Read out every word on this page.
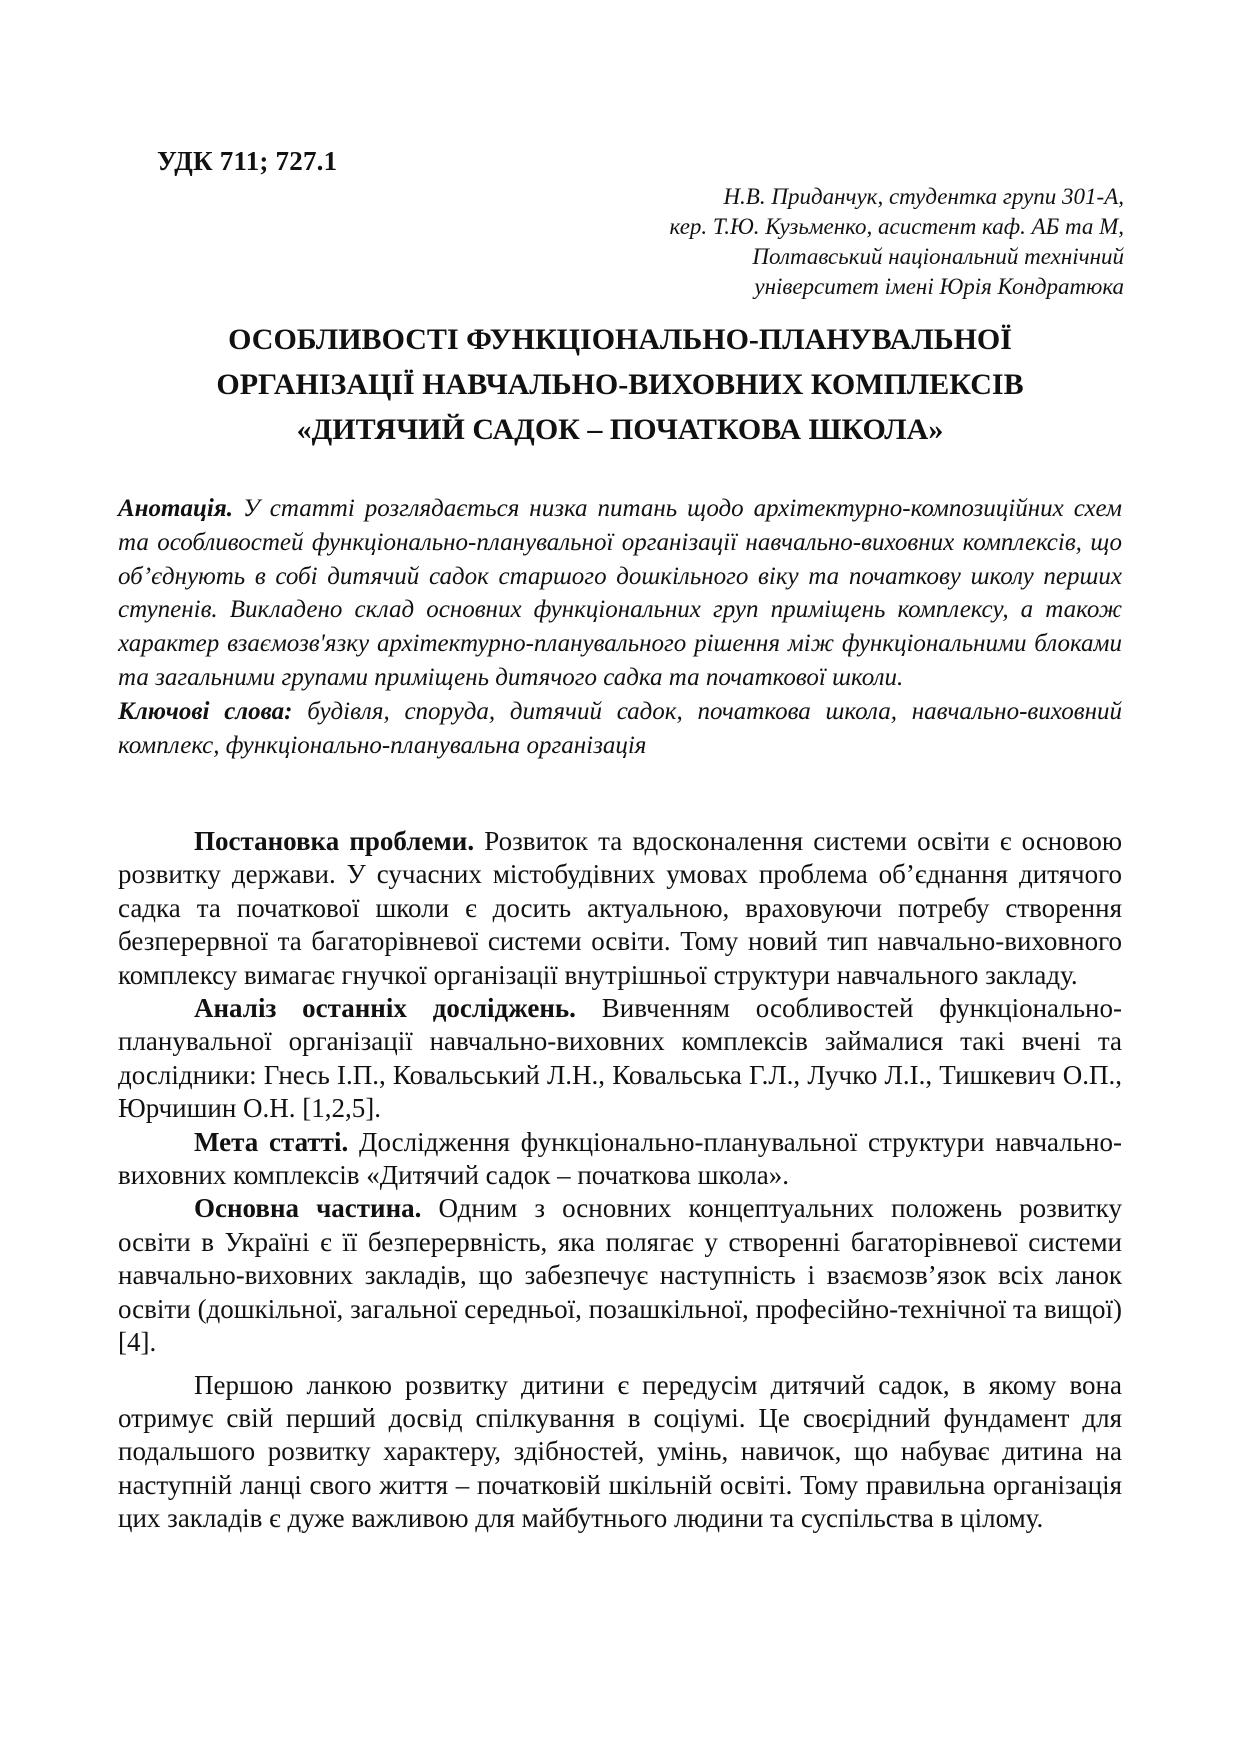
УДК 711; 727.1
Н.В. Приданчук, студентка групи 301-А,
кер. Т.Ю. Кузьменко, асистент каф. АБ та М,
Полтавський національний технічний
університет імені Юрія Кондратюка
ОСОБЛИВОСТІ ФУНКЦІОНАЛЬНО-ПЛАНУВАЛЬНОЇ
ОРГАНІЗАЦІЇ НАВЧАЛЬНО-ВИХОВНИХ КОМПЛЕКСІВ
«ДИТЯЧИЙ САДОК – ПОЧАТКОВА ШКОЛА»

Анотація. У статті розглядається низка питань щодо архітектурно-композиційних схем та особливостей функціонально-планувальної організації навчально-виховних комплексів, що об’єднують в собі дитячий садок старшого дошкільного віку та початкову школу перших ступенів. Викладено склад основних функціональних груп приміщень комплексу, а також характер взаємозв'язку архітектурно-планувального рішення між функціональними блоками та загальними групами приміщень дитячого садка та початкової школи.

Ключові слова: будівля, споруда, дитячий садок, початкова школа, навчально-виховний комплекс, функціонально-планувальна організація

Постановка проблеми. Розвиток та вдосконалення системи освіти є основою розвитку держави. У сучасних містобудівних умовах проблема об’єднання дитячого садка та початкової школи є досить актуальною, враховуючи потребу створення безперервної та багаторівневої системи освіти. Тому новий тип навчально-виховного комплексу вимагає гнучкої організації внутрішньої структури навчального закладу.

Аналіз останніх досліджень. Вивченням особливостей функціонально-планувальної організації навчально-виховних комплексів займалися такі вчені та дослідники: Гнесь І.П., Ковальський Л.Н., Ковальська Г.Л., Лучко Л.І., Тишкевич О.П., Юрчишин О.Н. [1,2,5].

Мета статті. Дослідження функціонально-планувальної структури навчально-виховних комплексів «Дитячий садок – початкова школа».

Основна частина. Одним з основних концептуальних положень розвитку освіти в Україні є її безперервність, яка полягає у створенні багаторівневої системи навчально-виховних закладів, що забезпечує наступність і взаємозв’язок всіх ланок освіти (дошкільної, загальної середньої, позашкільної, професійно-технічної та вищої) [4].

Першою ланкою розвитку дитини є передусім дитячий садок, в якому вона отримує свій перший досвід спілкування в соціумі. Це своєрідний фундамент для подальшого розвитку характеру, здібностей, умінь, навичок, що набуває дитина на наступній ланці свого життя – початковій шкільній освіті. Тому правильна організація цих закладів є дуже важливою для майбутнього людини та суспільства в цілому.
